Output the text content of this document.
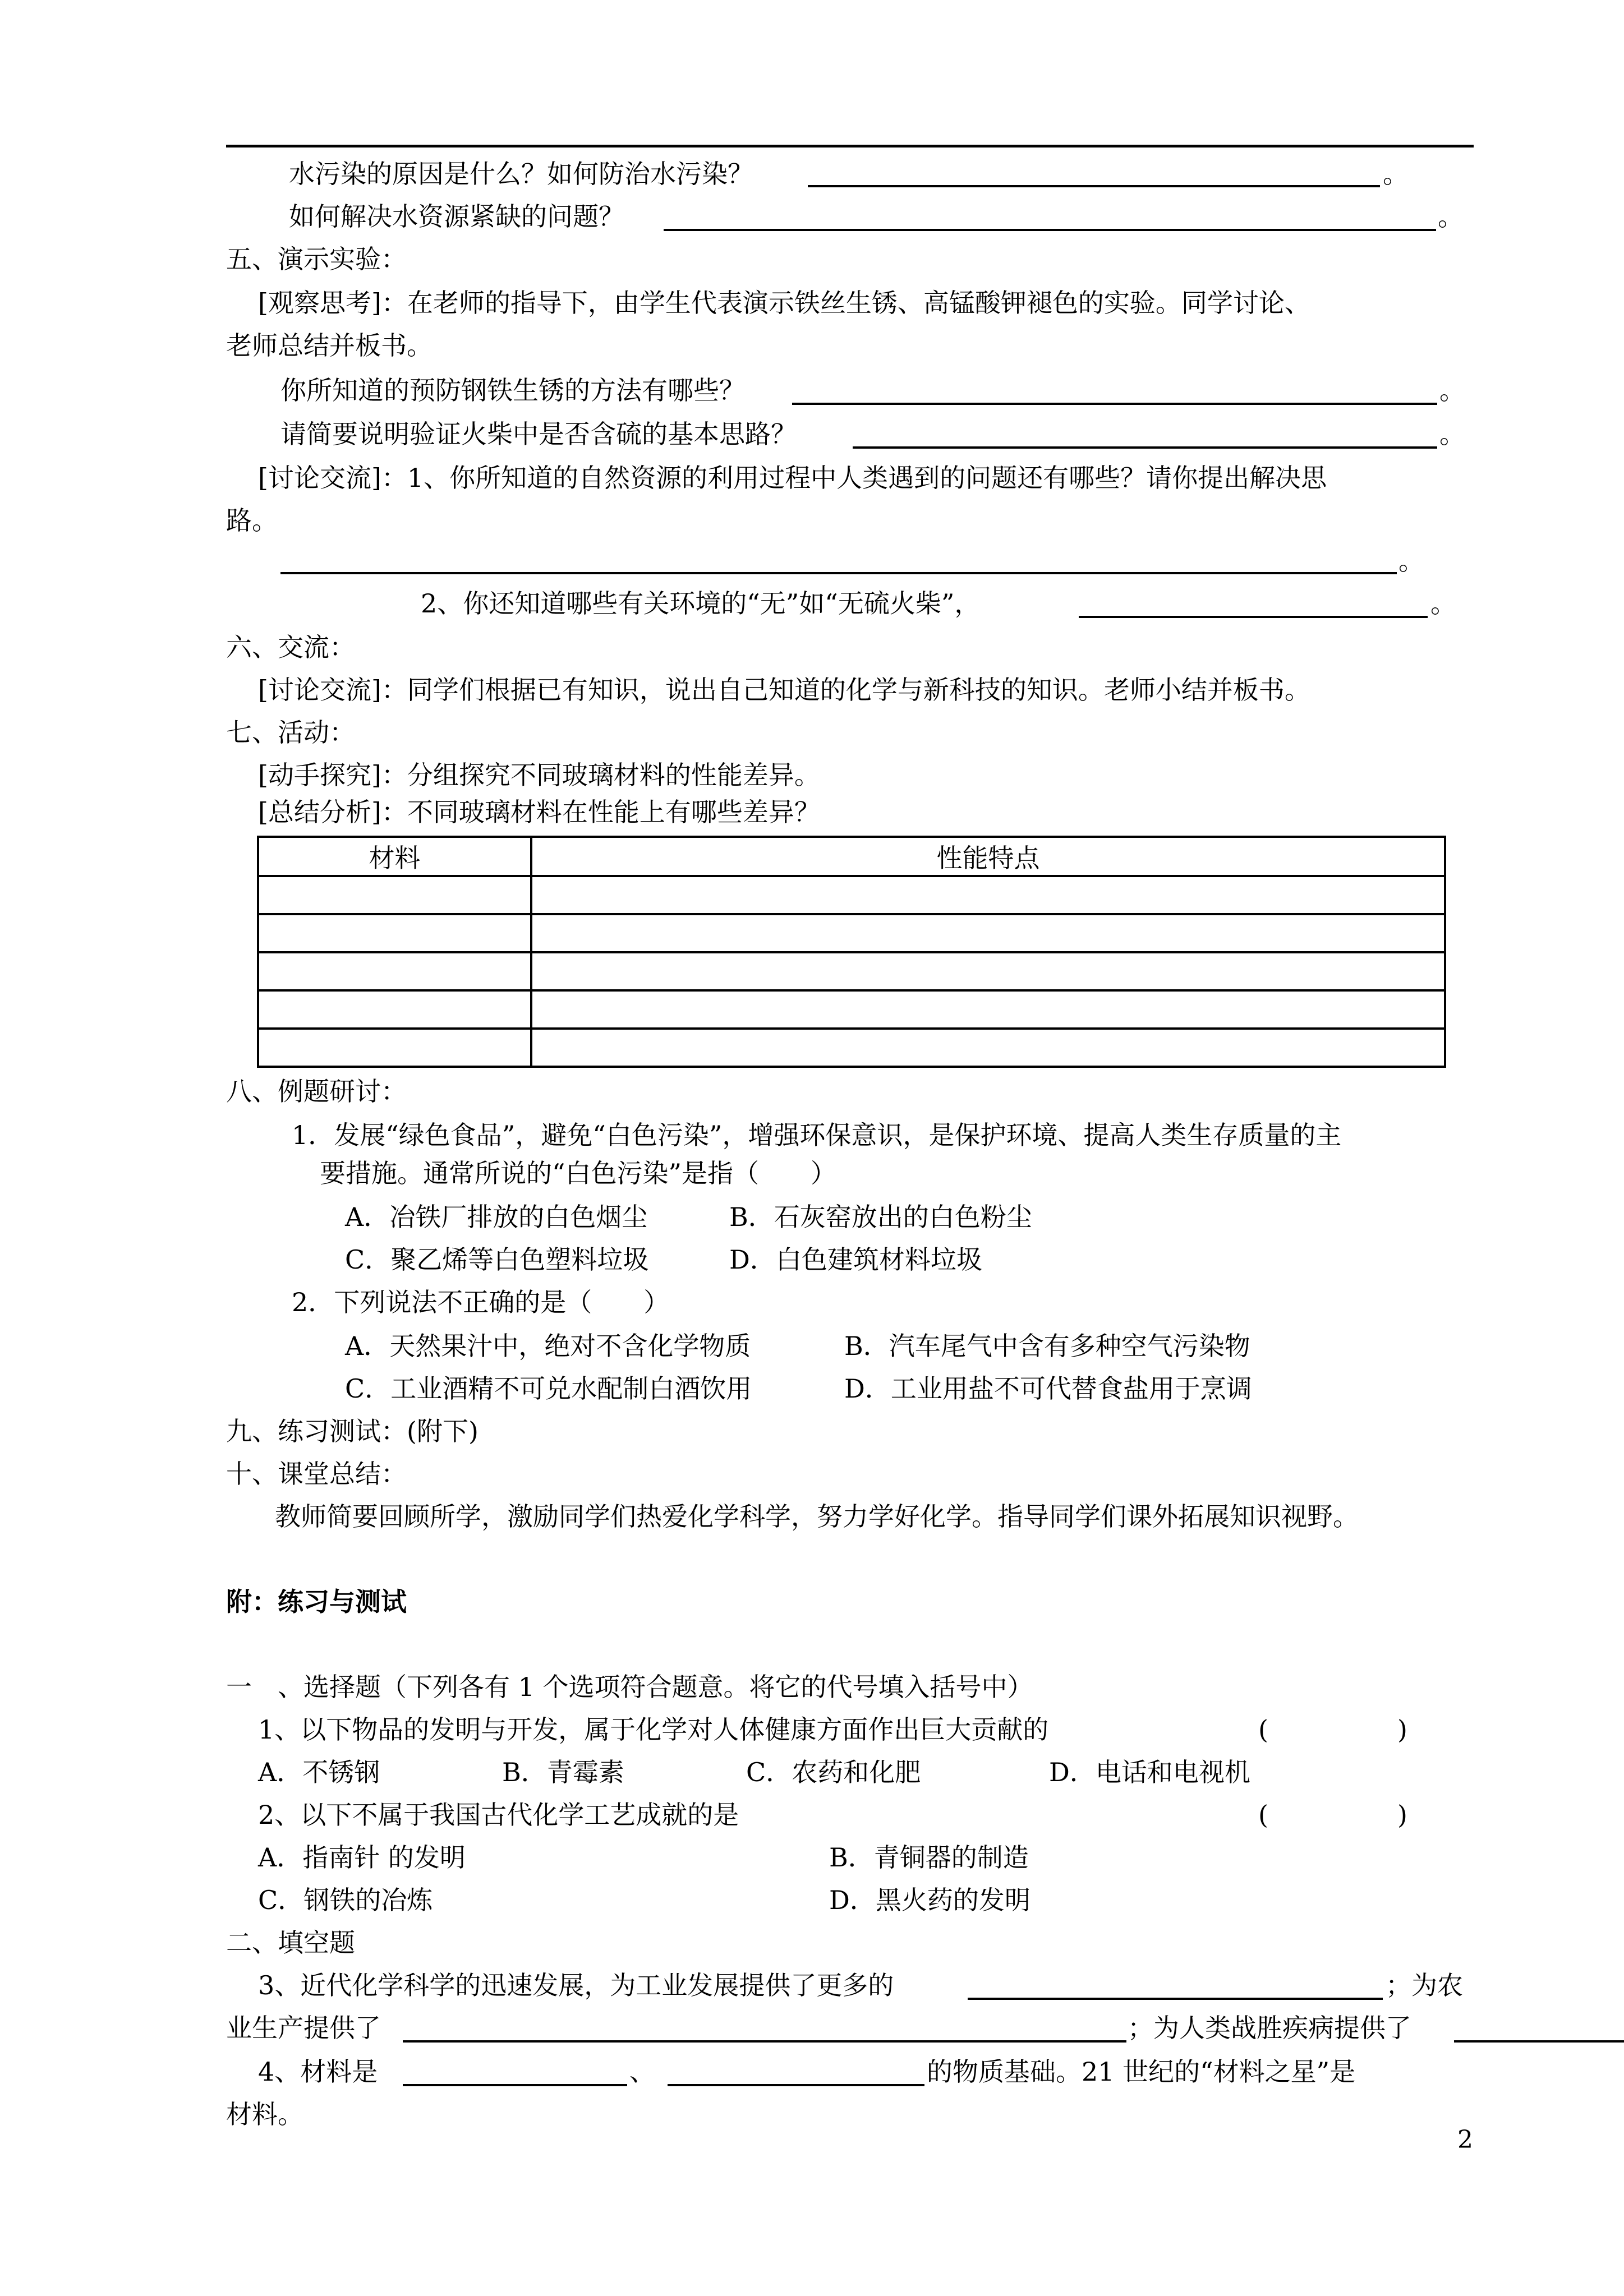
水污染的原因是什么？如何防治水污染？	。
如何解决水资源紧缺的问题？	。
五、演示实验：
[观察思考]：在老师的指导下，由学生代表演示铁丝生锈、高锰酸钾褪色的实验。同学讨论、
老师总结并板书。
你所知道的预防钢铁生锈的方法有哪些？	。
请简要说明验证火柴中是否含硫的基本思路？	。
[讨论交流]：1、你所知道的自然资源的利用过程中人类遇到的问题还有哪些？请你提出解决思
路。
。
2、你还知道哪些有关环境的“无”如“无硫火柴”，	。
六、交流：
[讨论交流]：同学们根据已有知识，说出自己知道的化学与新科技的知识。老师小结并板书。
七、活动：
[动手探究]：分组探究不同玻璃材料的性能差异。
[总结分析]：不同玻璃材料在性能上有哪些差异？
材料	性能特点

八、例题研讨：
1．发展“绿色食品”，避免“白色污染”，增强环保意识，是保护环境、提高人类生存质量的主
要措施。通常所说的“白色污染”是指（　　）
A．冶铁厂排放的白色烟尘	B．石灰窑放出的白色粉尘
C．聚乙烯等白色塑料垃圾	D．白色建筑材料垃圾
2．下列说法不正确的是（　　）
A．天然果汁中，绝对不含化学物质	B．汽车尾气中含有多种空气污染物
C．工业酒精不可兑水配制白酒饮用	D．工业用盐不可代替食盐用于烹调
九、练习测试：(附下)
十、课堂总结：
教师简要回顾所学，激励同学们热爱化学科学，努力学好化学。指导同学们课外拓展知识视野。
附：练习与测试
一　、选择题（下列各有 1 个选项符合题意。将它的代号填入括号中）
1、以下物品的发明与开发，属于化学对人体健康方面作出巨大贡献的	(　　　　　)
A．不锈钢	B．青霉素	C．农药和化肥	D．电话和电视机
2、以下不属于我国古代化学工艺成就的是	(　　　　　)
A．指南针 的发明	B．青铜器的制造
C．钢铁的冶炼	D．黑火药的发明
二、填空题
3、近代化学科学的迅速发展，为工业发展提供了更多的	；为农
业生产提供了	；为人类战胜疾病提供了
4、材料是	、	的物质基础。21 世纪的“材料之星”是
材料。
2
